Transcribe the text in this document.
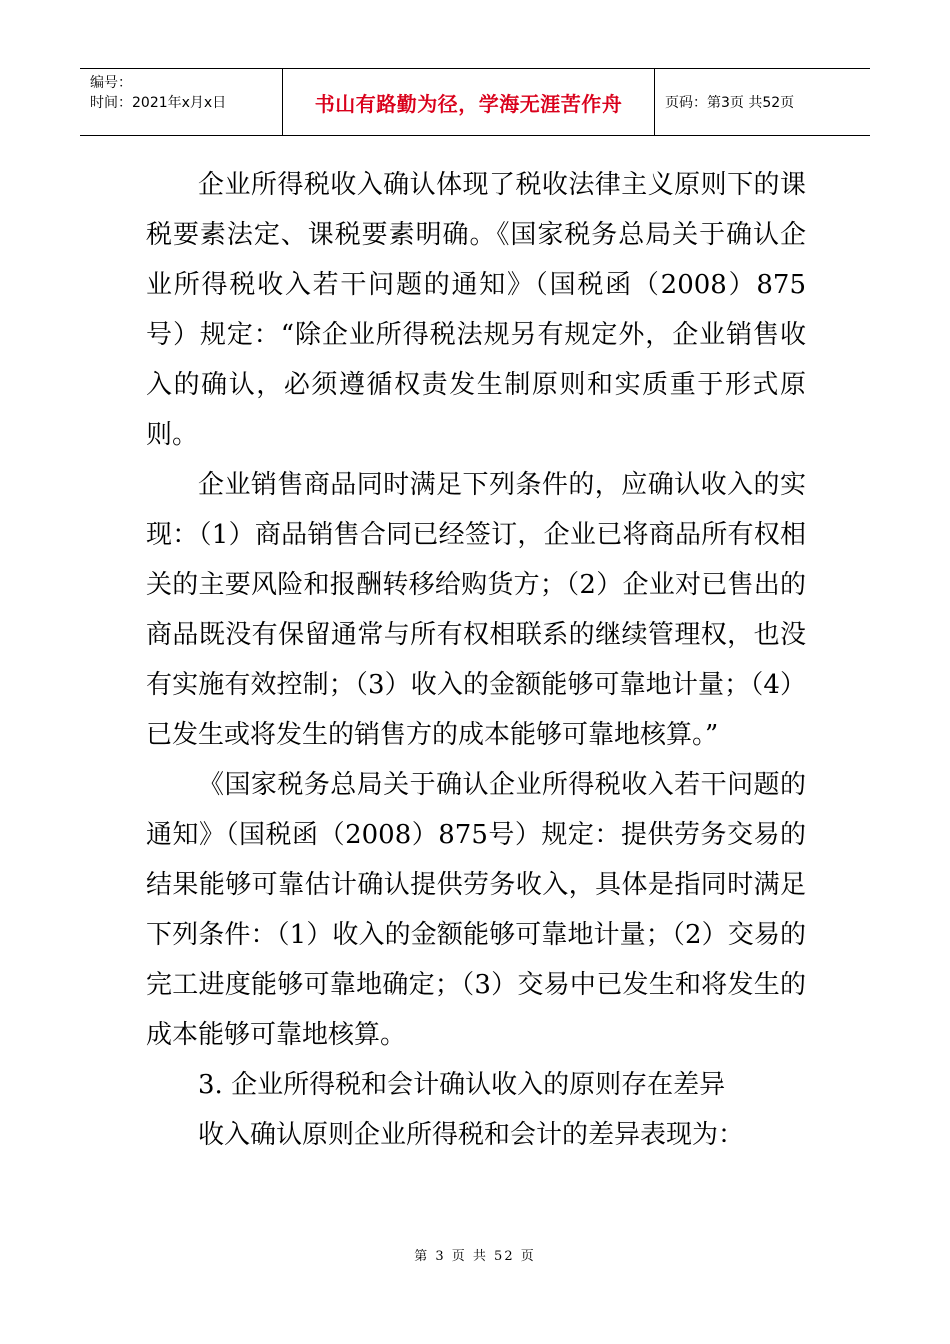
编号：
时间：2021年x月x日	书山有路勤为径，学海无涯苦作舟	页码：第3页 共52页

企业所得税收入确认体现了税收法律主义原则下的课税要素法定、课税要素明确。《国家税务总局关于确认企业所得税收入若干问题的通知》（国税函（2008）875号）规定：“除企业所得税法规另有规定外，企业销售收入的确认，必须遵循权责发生制原则和实质重于形式原则。

企业销售商品同时满足下列条件的，应确认收入的实现：（1）商品销售合同已经签订，企业已将商品所有权相关的主要风险和报酬转移给购货方；（2）企业对已售出的商品既没有保留通常与所有权相联系的继续管理权，也没有实施有效控制；（3）收入的金额能够可靠地计量；（4）已发生或将发生的销售方的成本能够可靠地核算。”

《国家税务总局关于确认企业所得税收入若干问题的通知》（国税函（2008）875号）规定：提供劳务交易的结果能够可靠估计确认提供劳务收入，具体是指同时满足下列条件：（1）收入的金额能够可靠地计量；（2）交易的完工进度能够可靠地确定；（3）交易中已发生和将发生的成本能够可靠地核算。

3. 企业所得税和会计确认收入的原则存在差异

收入确认原则企业所得税和会计的差异表现为：

第 3 页 共 52 页
